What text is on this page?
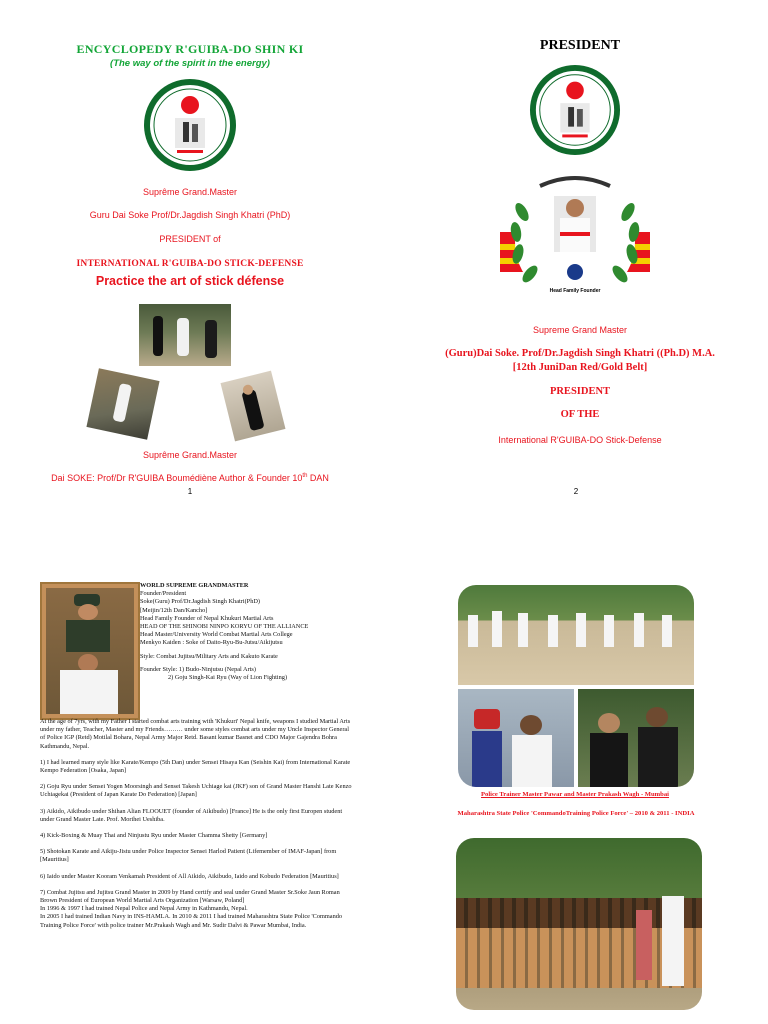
ENCYCLOPEDY R'GUIBA-DO SHIN KI
(The way of the spirit in the energy)
Suprême Grand.Master
Guru Dai Soke Prof/Dr.Jagdish Singh Khatri (PhD)
PRESIDENT of
INTERNATIONAL R'GUIBA-DO STICK-DEFENSE
Practice the art of stick défense
Suprême Grand.Master
Dai SOKE: Prof/Dr R'GUIBA Boumédiène Author & Founder 10th DAN
1
PRESIDENT
Head Family Founder
Supreme Grand Master
(Guru)Dai Soke. Prof/Dr.Jagdish Singh Khatri ((Ph.D) M.A.
[12th JuniDan Red/Gold Belt]
PRESIDENT
OF THE
International R'GUIBA-DO Stick-Defense
2
WORLD SUPREME GRANDMASTER
Founder/President
Soke(Guru) Prof/Dr.Jagdish Singh Khatri(PhD)
[Meijin/12th Dan/Kancho]
Head Family Founder of Nepal Khukuri Martial Arts
HEAD OF THE SHINOBI NINPO KORYU OF THE ALLIANCE
Head Master/University World Combat Martial Arts College
Menkyo Kaiden : Soke of Daito-Ryu-Bu-Jutsu/Aikijutsu
Style: Combat Jujitsu/Military Arts and Kakuto Karate
Founder Style: 1) Budo-Ninjutsu (Nepal Arts)
2) Goju Singh-Kai Ryu (Way of Lion Fighting)

At the age of 7yrs, with my Father I started combat arts training with 'Khukuri' Nepal knife, weapons I studied Martial Arts under my father, Teacher, Master and my Friends……… under some styles combat arts under my Uncle Inspector General of Police IGP (Retd) Motilal Bohara, Nepal Army Major Retd. Basant kumar Basnet and CDO Major Gajendra Bohra Kathmandu, Nepal.

1) I had learned many style like Karate/Kempo (5th Dan) under Sensei Hisaya Kan (Seishin Kai) from International Karate Kempo Federation [Osaka, Japan]

2) Goju Ryu under Sensei Yogen Moorsingh and Sensei Takesh Uchiage kai (JKF) son of Grand Master Hanshi Late Kenzo Uchiagekai (President of Japan Karate Do Federation) [Japan]

3) Aikido, Aikibudo under Shihan Alian FLOOUET (founder of Aikibudo) [France] He is the only first Europen student under Grand Master Late. Prof. Morihei Ueshiba.

4) Kick-Boxing & Muay Thai and Ninjustu Ryu under Master Chamma Shetty [Germany]

5) Shotokan Karate and Aikiju-Jistu under Police Inspector Sensei Harlod Patient (Lifemember of IMAF-Japan] from [Mauritius]

6) Iaido under Master Kooram Venkamah President of All Aikido, Aikibudo, Iaido and Kobudo Federation [Mauritius]

7) Combat Jujitsu and Jujitsu Grand Master in 2009 by Hand certify and seal under Grand Master Sr.Soke Jaun Roman Brown President of European World Martial Arts Organization [Warsaw, Poland]

In 1996 & 1997 I had trained Nepal Police and Nepal Army in Kathmandu, Nepal.

In 2005 I had trained Indian Navy in INS-HAMLA. In 2010 & 2011 I had trained Maharashtra State Police 'Commando Training Police Force' with police trainer Mr.Prakash Wagh and Mr. Sudir Dalvi & Pawar Mumbai, India.

Police Trainer Master Pawar and Master Prakash Wagh - Mumbai
Maharashtra State Police 'CommandoTraining Police Force' – 2010 & 2011 - INDIA
